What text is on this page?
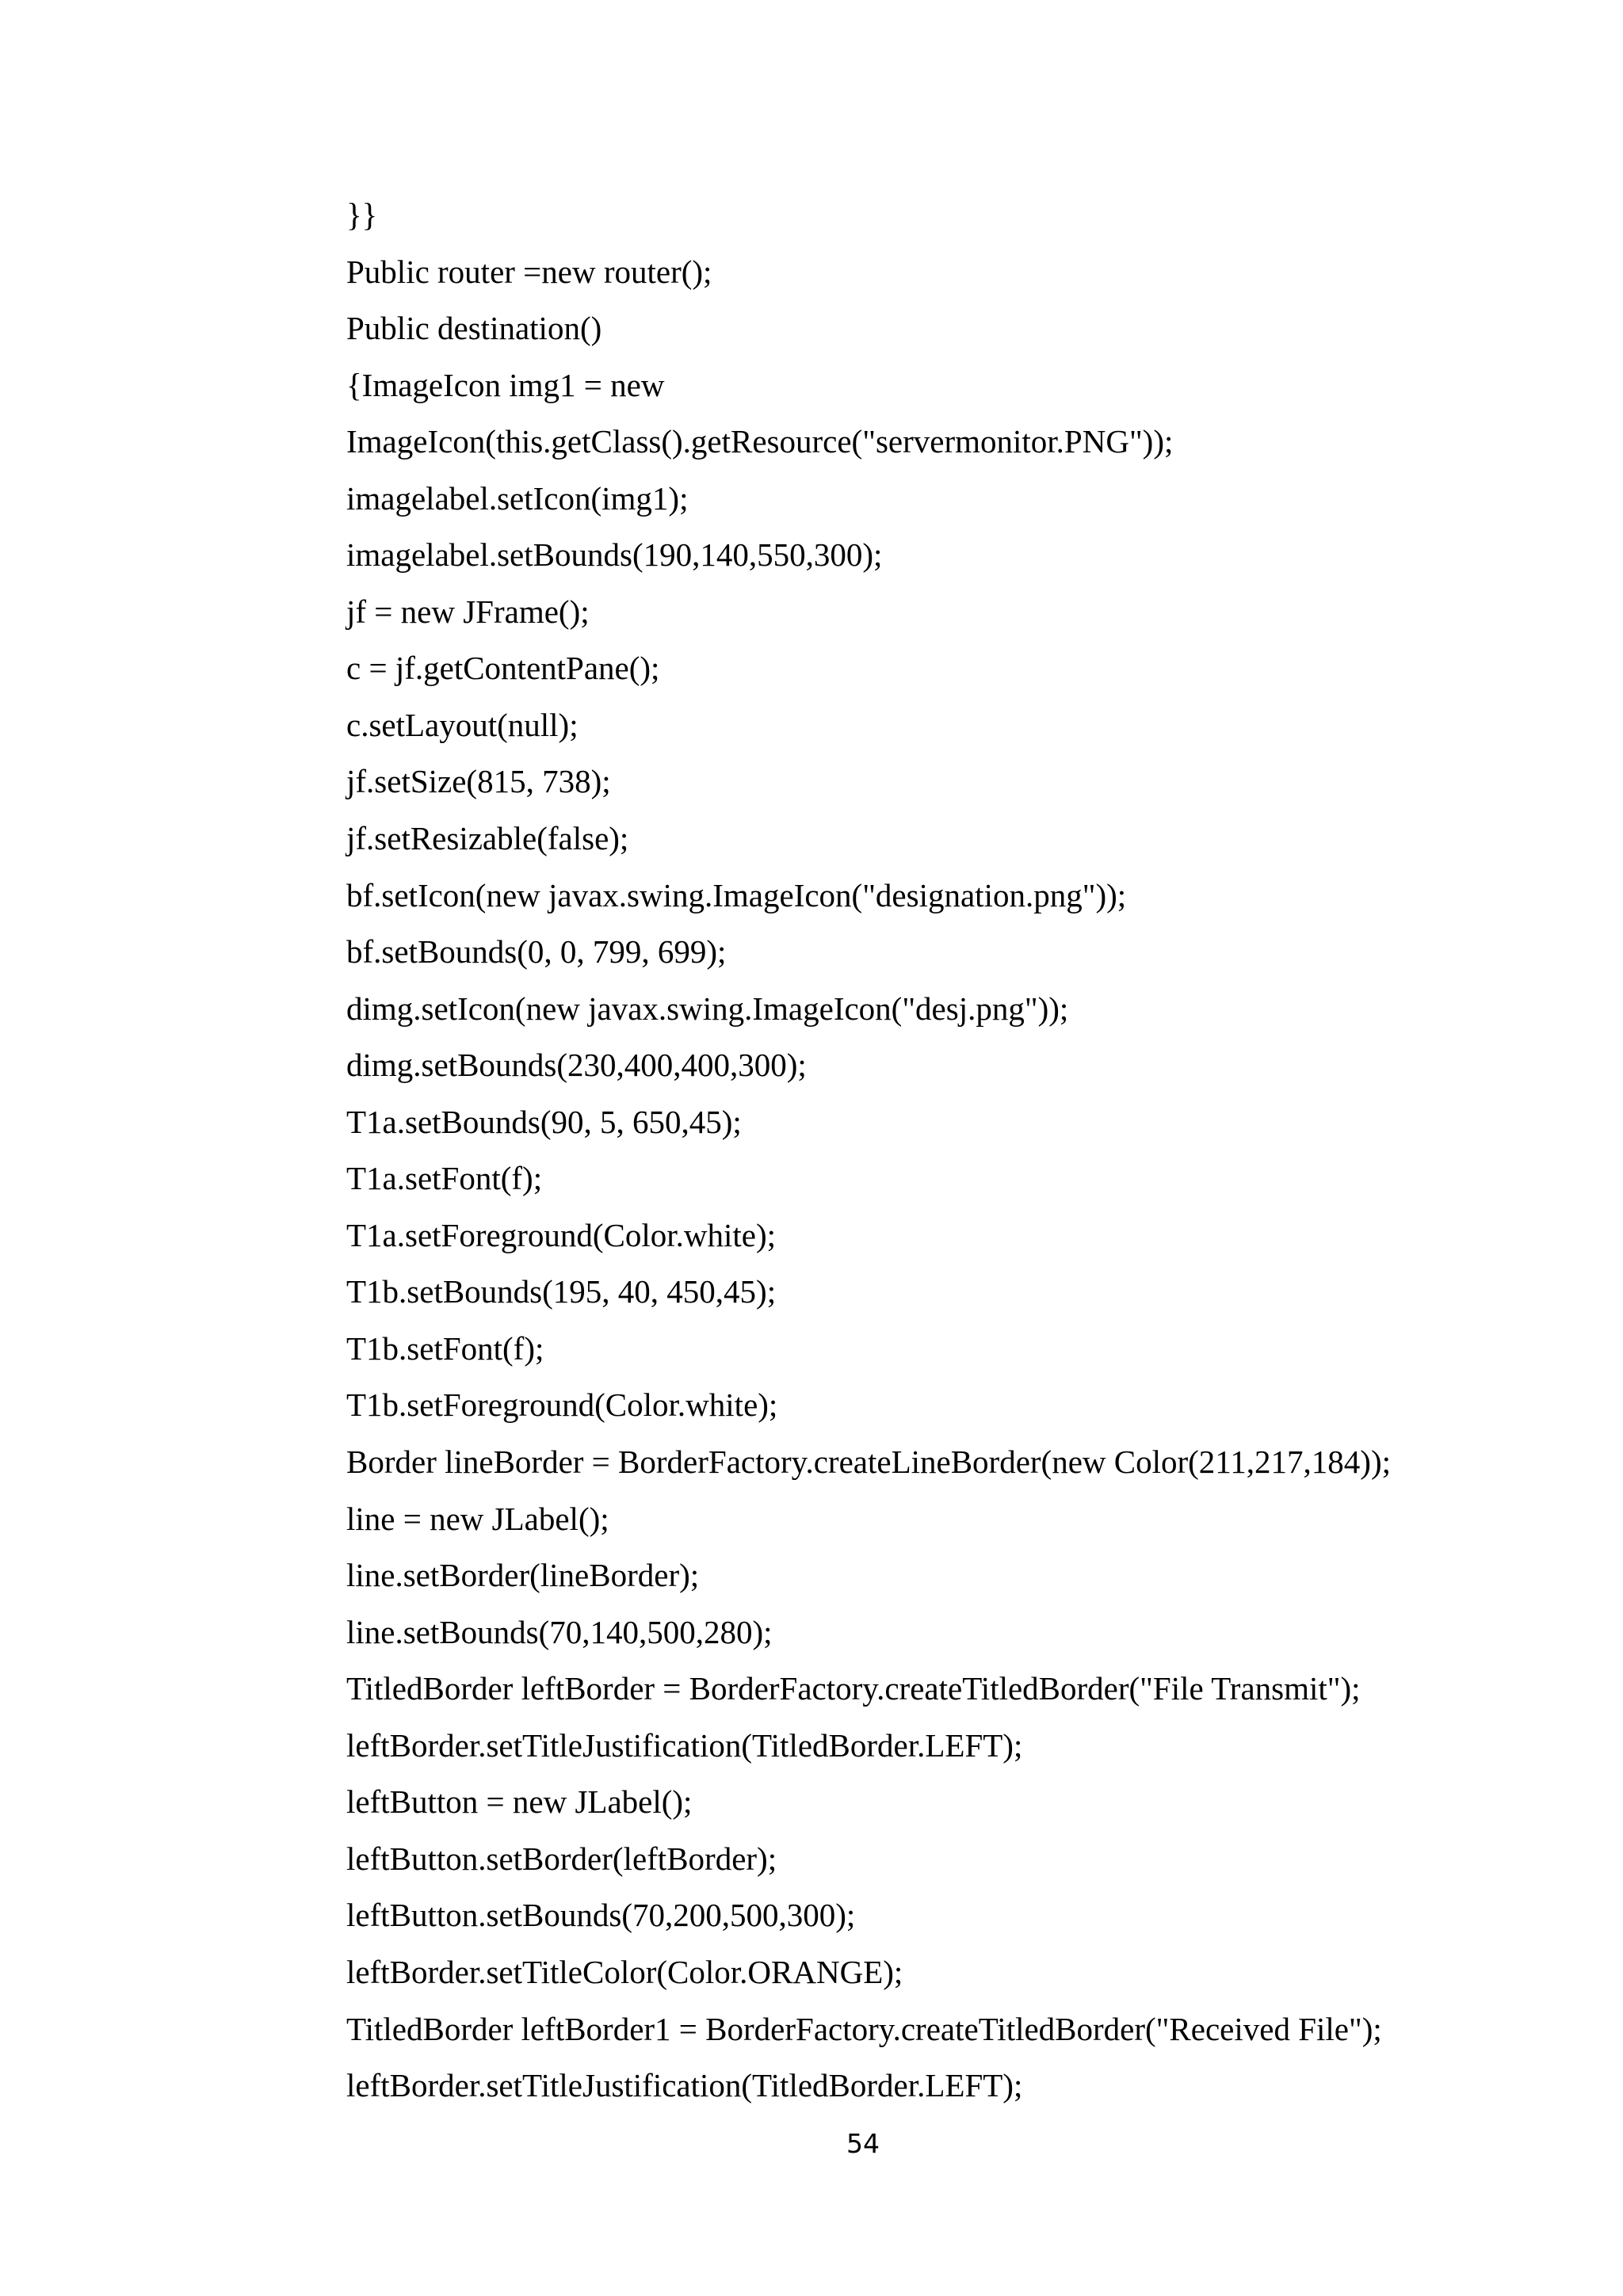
}}
Public router =new router();
Public destination()
{ImageIcon img1 = new
ImageIcon(this.getClass().getResource("servermonitor.PNG"));
imagelabel.setIcon(img1);
imagelabel.setBounds(190,140,550,300);
jf = new JFrame();
c = jf.getContentPane();
c.setLayout(null);
jf.setSize(815, 738);
jf.setResizable(false);
bf.setIcon(new javax.swing.ImageIcon("designation.png"));
bf.setBounds(0, 0, 799, 699);
dimg.setIcon(new javax.swing.ImageIcon("desj.png"));
dimg.setBounds(230,400,400,300);
T1a.setBounds(90, 5, 650,45);
T1a.setFont(f);
T1a.setForeground(Color.white);
T1b.setBounds(195, 40, 450,45);
T1b.setFont(f);
T1b.setForeground(Color.white);
Border lineBorder = BorderFactory.createLineBorder(new Color(211,217,184));
line = new JLabel();
line.setBorder(lineBorder);
line.setBounds(70,140,500,280);
TitledBorder leftBorder = BorderFactory.createTitledBorder("File Transmit");
leftBorder.setTitleJustification(TitledBorder.LEFT);
leftButton = new JLabel();
leftButton.setBorder(leftBorder);
leftButton.setBounds(70,200,500,300);
leftBorder.setTitleColor(Color.ORANGE);
TitledBorder leftBorder1 = BorderFactory.createTitledBorder("Received File");
leftBorder.setTitleJustification(TitledBorder.LEFT);
54
